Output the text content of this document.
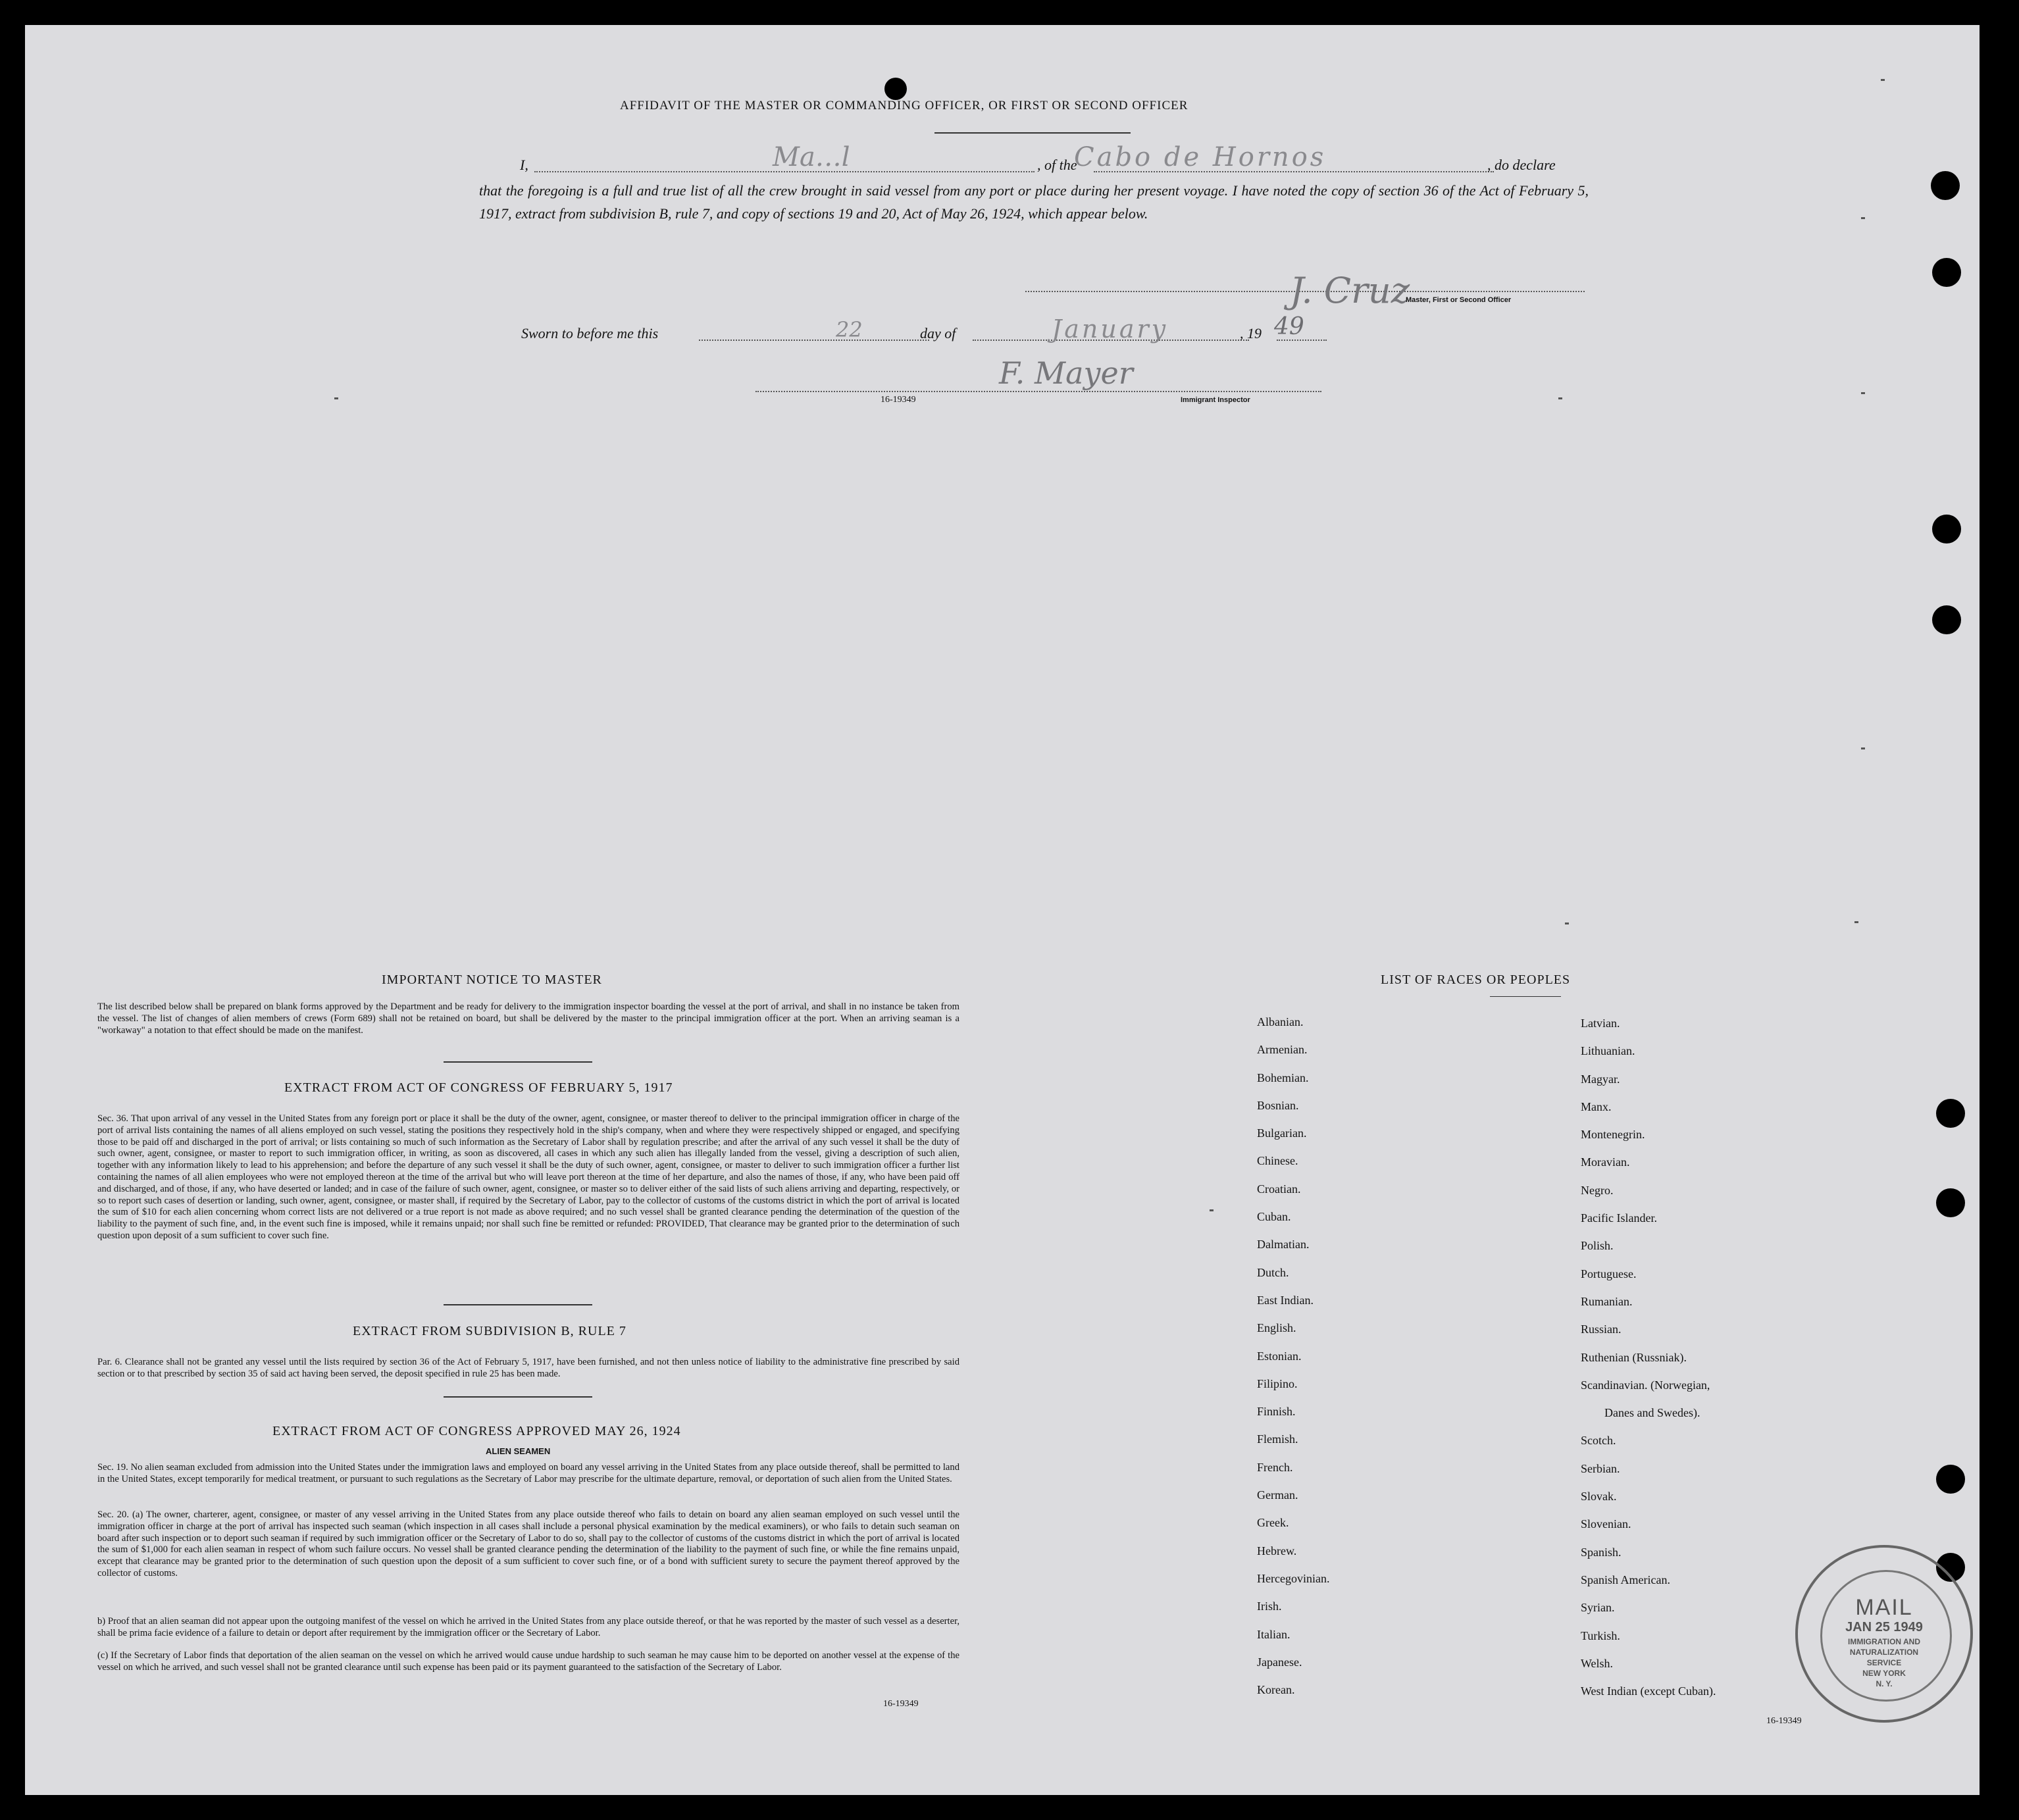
AFFIDAVIT OF THE MASTER OR COMMANDING OFFICER, OR FIRST OR SECOND OFFICER
I,	Ma…l	, of the
Cabo de Hornos	, do declare
that the foregoing is a full and true list of all the crew brought in said vessel from any port or place during her present voyage. I have noted the copy of section 36 of the Act of February 5, 1917, extract from subdivision B, rule 7, and copy of sections 19 and 20, Act of May 26, 1924, which appear below.
J. Cruz
Master, First or Second Officer
Sworn to before me this	22	day of	January	, 19 49
F. Mayer
16-19349	Immigrant Inspector
IMPORTANT NOTICE TO MASTER
The list described below shall be prepared on blank forms approved by the Department and be ready for delivery to the immigration inspector boarding the vessel at the port of arrival, and shall in no instance be taken from the vessel. The list of changes of alien members of crews (Form 689) shall not be retained on board, but shall be delivered by the master to the principal immigration officer at the port. When an arriving seaman is a "workaway" a notation to that effect should be made on the manifest.
EXTRACT FROM ACT OF CONGRESS OF FEBRUARY 5, 1917
Sec. 36. That upon arrival of any vessel in the United States from any foreign port or place it shall be the duty of the owner, agent, consignee, or master thereof to deliver to the principal immigration officer in charge of the port of arrival lists containing the names of all aliens employed on such vessel, stating the positions they respectively hold in the ship's company, when and where they were respectively shipped or engaged, and specifying those to be paid off and discharged in the port of arrival; or lists containing so much of such information as the Secretary of Labor shall by regulation prescribe; and after the arrival of any such vessel it shall be the duty of such owner, agent, consignee, or master to report to such immigration officer, in writing, as soon as discovered, all cases in which any such alien has illegally landed from the vessel, giving a description of such alien, together with any information likely to lead to his apprehension; and before the departure of any such vessel it shall be the duty of such owner, agent, consignee, or master to deliver to such immigration officer a further list containing the names of all alien employees who were not employed thereon at the time of the arrival but who will leave port thereon at the time of her departure, and also the names of those, if any, who have been paid off and discharged, and of those, if any, who have deserted or landed; and in case of the failure of such owner, agent, consignee, or master so to deliver either of the said lists of such aliens arriving and departing, respectively, or so to report such cases of desertion or landing, such owner, agent, consignee, or master shall, if required by the Secretary of Labor, pay to the collector of customs of the customs district in which the port of arrival is located the sum of $10 for each alien concerning whom correct lists are not delivered or a true report is not made as above required; and no such vessel shall be granted clearance pending the determination of the question of the liability to the payment of such fine, and, in the event such fine is imposed, while it remains unpaid; nor shall such fine be remitted or refunded: PROVIDED, That clearance may be granted prior to the determination of such question upon deposit of a sum sufficient to cover such fine.
EXTRACT FROM SUBDIVISION B, RULE 7
Par. 6. Clearance shall not be granted any vessel until the lists required by section 36 of the Act of February 5, 1917, have been furnished, and not then unless notice of liability to the administrative fine prescribed by said section or to that prescribed by section 35 of said act having been served, the deposit specified in rule 25 has been made.
EXTRACT FROM ACT OF CONGRESS APPROVED MAY 26, 1924
ALIEN SEAMEN
Sec. 19. No alien seaman excluded from admission into the United States under the immigration laws and employed on board any vessel arriving in the United States from any place outside thereof, shall be permitted to land in the United States, except temporarily for medical treatment, or pursuant to such regulations as the Secretary of Labor may prescribe for the ultimate departure, removal, or deportation of such alien from the United States.
Sec. 20. (a) The owner, charterer, agent, consignee, or master of any vessel arriving in the United States from any place outside thereof who fails to detain on board any alien seaman employed on such vessel until the immigration officer in charge at the port of arrival has inspected such seaman (which inspection in all cases shall include a personal physical examination by the medical examiners), or who fails to detain such seaman on board after such inspection or to deport such seaman if required by such immigration officer or the Secretary of Labor to do so, shall pay to the collector of customs of the customs district in which the port of arrival is located the sum of $1,000 for each alien seaman in respect of whom such failure occurs. No vessel shall be granted clearance pending the determination of the liability to the payment of such fine, or while the fine remains unpaid, except that clearance may be granted prior to the determination of such question upon the deposit of a sum sufficient to cover such fine, or of a bond with sufficient surety to secure the payment thereof approved by the collector of customs.
b) Proof that an alien seaman did not appear upon the outgoing manifest of the vessel on which he arrived in the United States from any place outside thereof, or that he was reported by the master of such vessel as a deserter, shall be prima facie evidence of a failure to detain or deport after requirement by the immigration officer or the Secretary of Labor.
(c) If the Secretary of Labor finds that deportation of the alien seaman on the vessel on which he arrived would cause undue hardship to such seaman he may cause him to be deported on another vessel at the expense of the vessel on which he arrived, and such vessel shall not be granted clearance until such expense has been paid or its payment guaranteed to the satisfaction of the Secretary of Labor.
16-19349
LIST OF RACES OR PEOPLES
Albanian.
Armenian.
Bohemian.
Bosnian.
Bulgarian.
Chinese.
Croatian.
Cuban.
Dalmatian.
Dutch.
East Indian.
English.
Estonian.
Filipino.
Finnish.
Flemish.
French.
German.
Greek.
Hebrew.
Hercegovinian.
Irish.
Italian.
Japanese.
Korean.
Latvian.
Lithuanian.
Magyar.
Manx.
Montenegrin.
Moravian.
Negro.
Pacific Islander.
Polish.
Portuguese.
Rumanian.
Russian.
Ruthenian (Russniak).
Scandinavian. (Norwegian,
Danes and Swedes).
Scotch.
Serbian.
Slovak.
Slovenian.
Spanish.
Spanish American.
Syrian.
Turkish.
Welsh.
West Indian (except Cuban).
16-19349
MAIL
JAN 25 1949
IMMIGRATION AND
NATURALIZATION
SERVICE
NEW YORK
N. Y.
